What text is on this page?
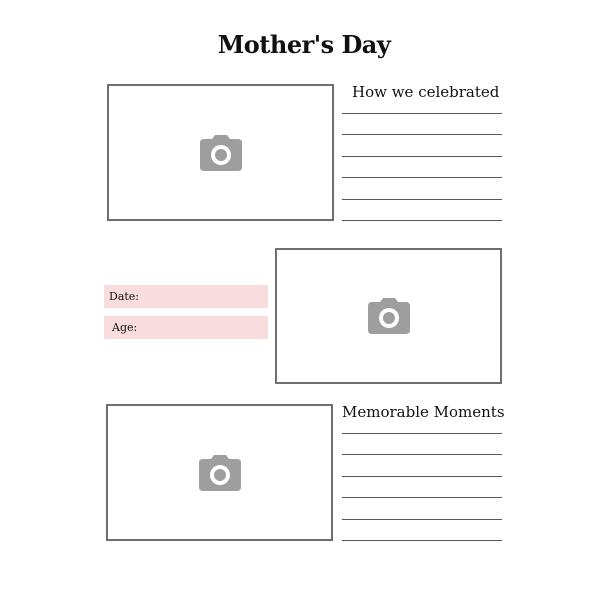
Mother's Day
How we celebrated
Date:
Age:
Memorable Moments
